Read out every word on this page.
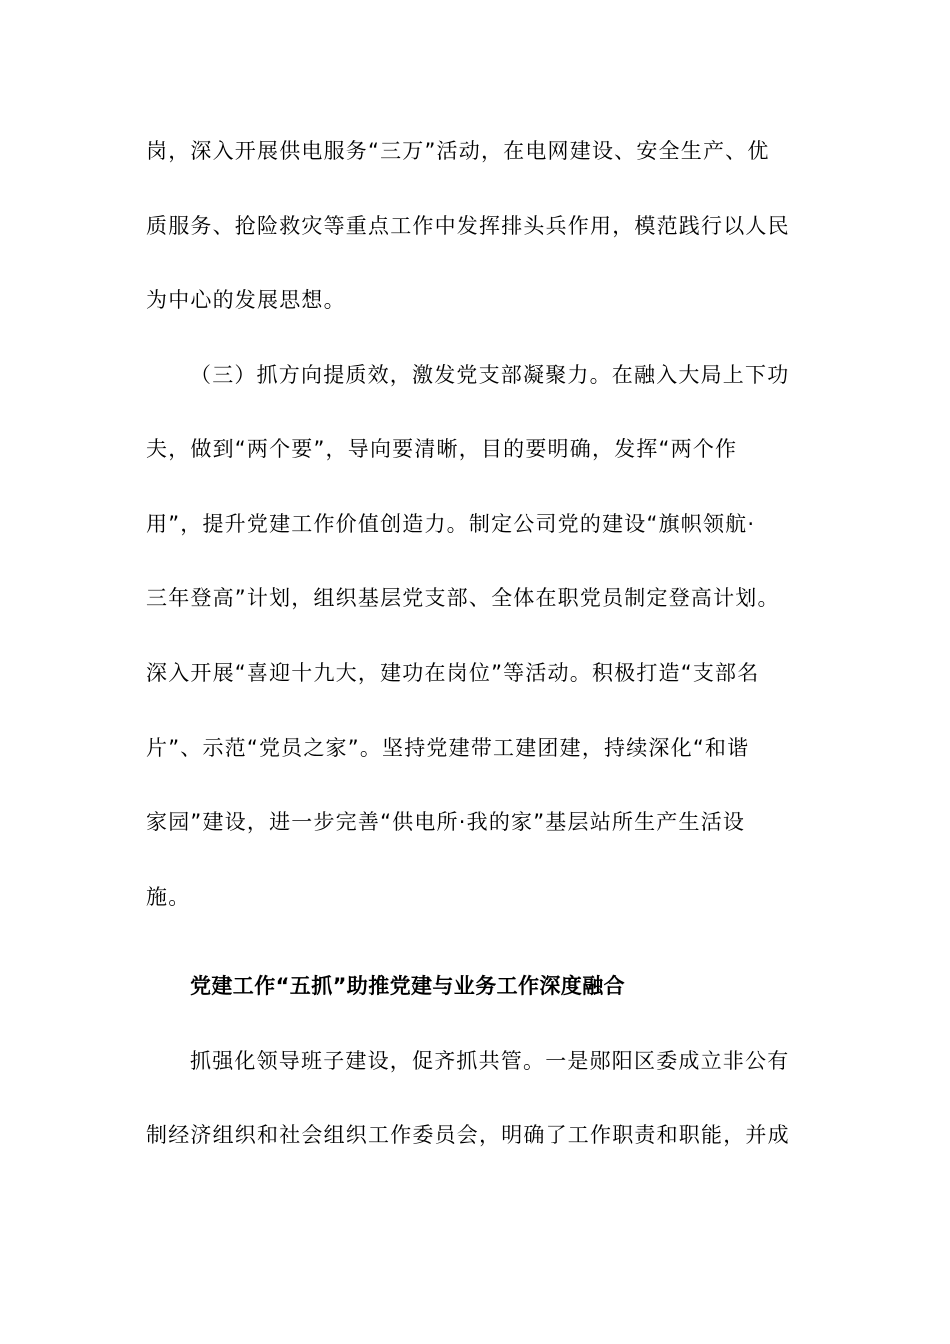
岗，深入开展供电服务“三万”活动，在电网建设、安全生产、优
质服务、抢险救灾等重点工作中发挥排头兵作用，模范践行以人民
为中心的发展思想。
（三）抓方向提质效，激发党支部凝聚力。在融入大局上下功
夫，做到“两个要”，导向要清晰，目的要明确，发挥“两个作
用”，提升党建工作价值创造力。制定公司党的建设“旗帜领航·
三年登高”计划，组织基层党支部、全体在职党员制定登高计划。
深入开展“喜迎十九大，建功在岗位”等活动。积极打造“支部名
片”、示范“党员之家”。坚持党建带工建团建，持续深化“和谐
家园”建设，进一步完善“供电所·我的家”基层站所生产生活设
施。
党建工作“五抓”助推党建与业务工作深度融合
抓强化领导班子建设，促齐抓共管。一是郧阳区委成立非公有
制经济组织和社会组织工作委员会，明确了工作职责和职能，并成
